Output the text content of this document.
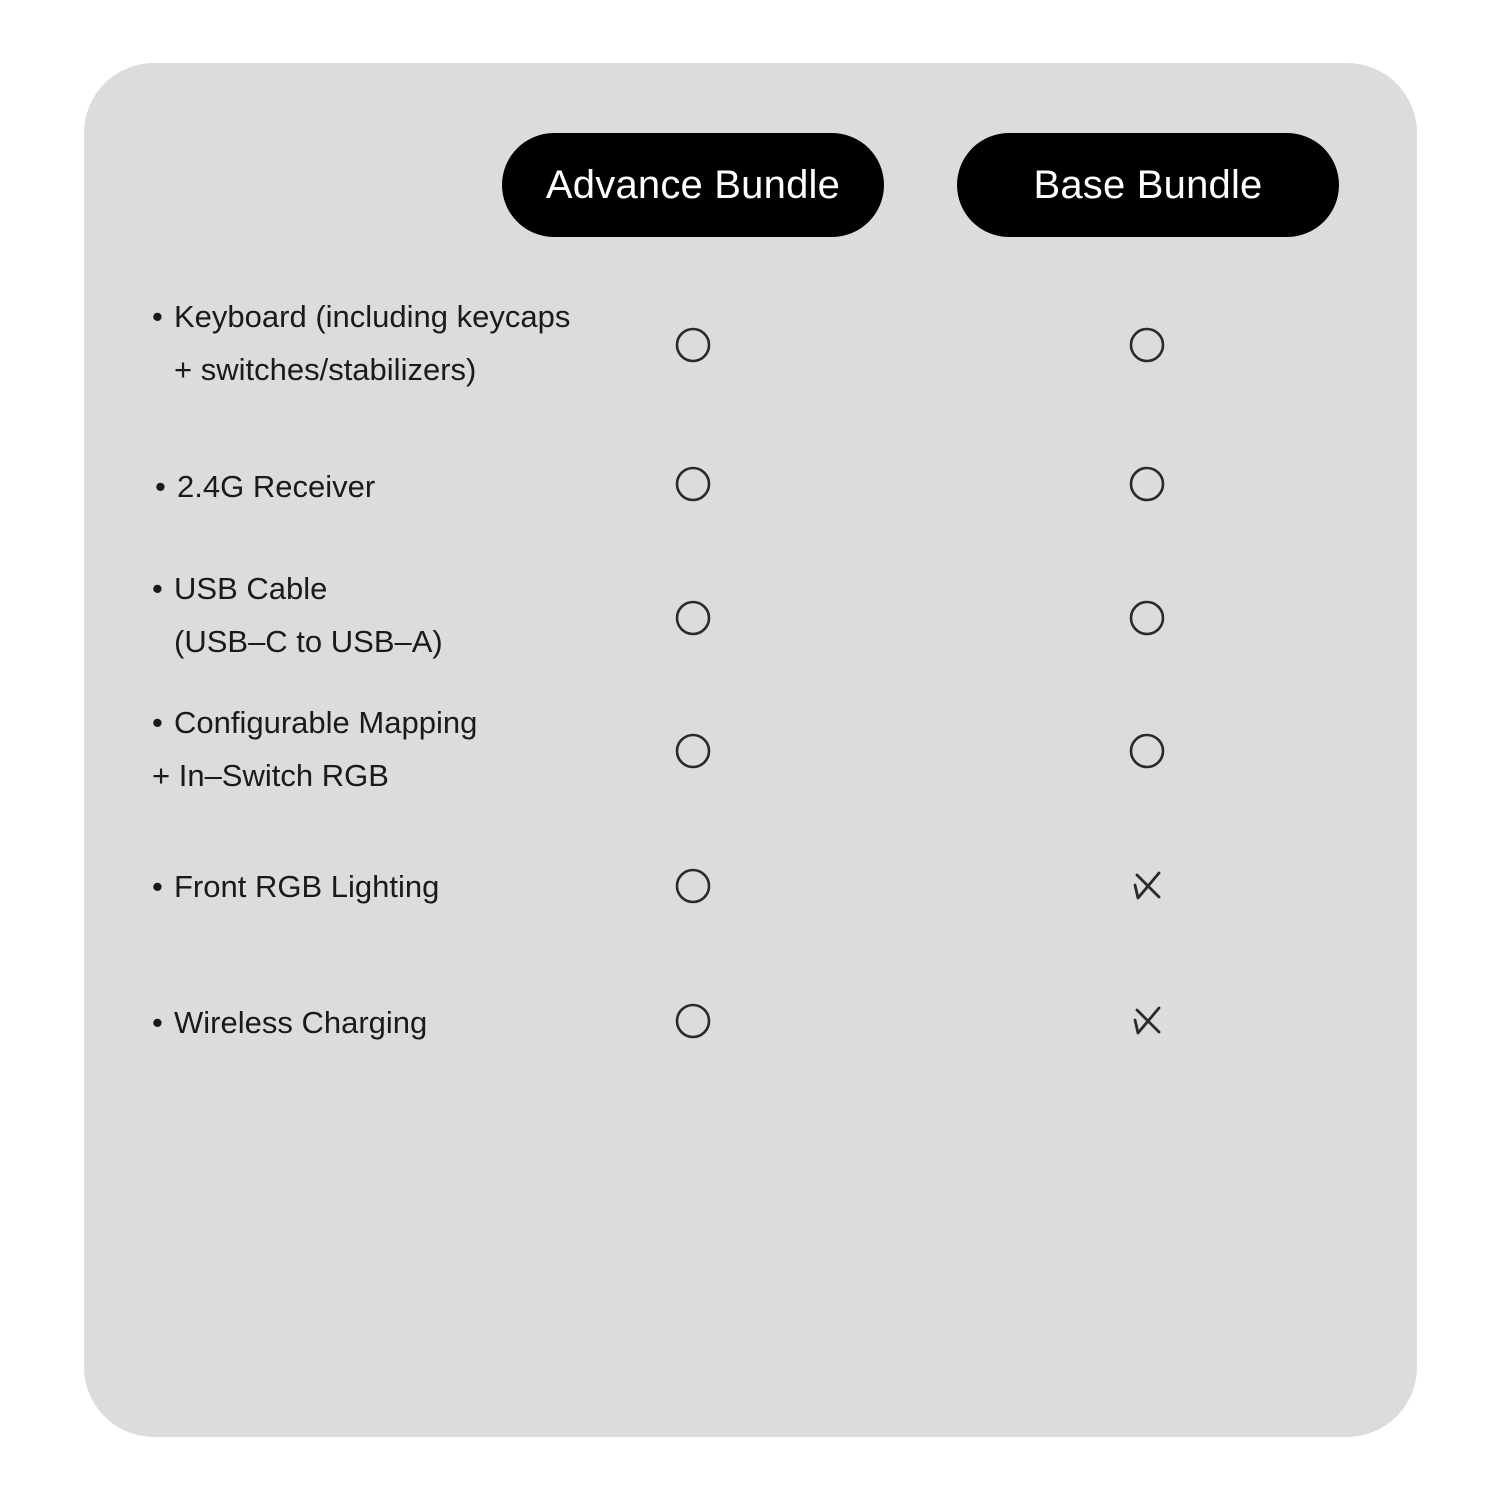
Advance Bundle	Base Bundle
• Keyboard (including keycaps
+ switches/stabilizers)
• 2.4G Receiver
• USB Cable
(USB–C to USB–A)
• Configurable Mapping
+ In–Switch RGB
• Front RGB Lighting
• Wireless Charging
